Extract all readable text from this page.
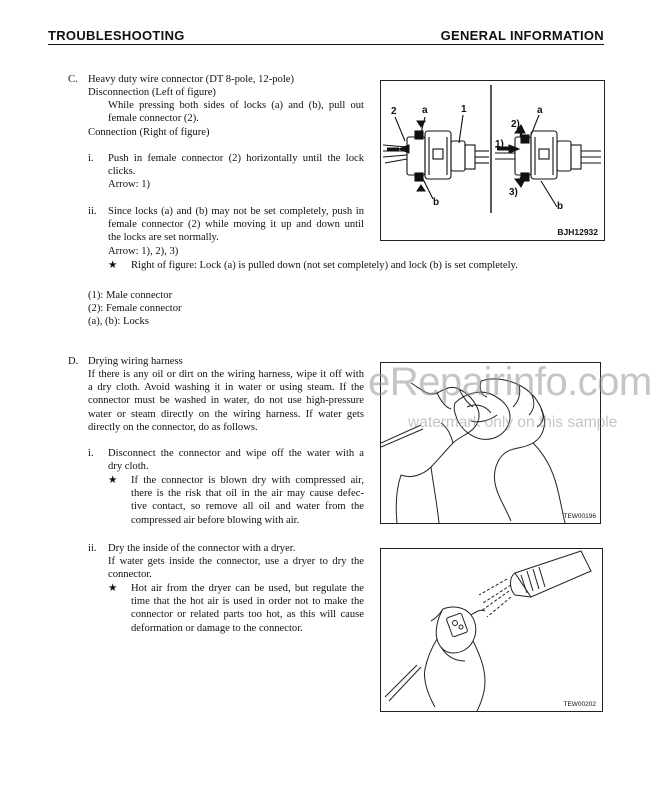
TROUBLESHOOTING	GENERAL INFORMATION
C. Heavy duty wire connector (DT 8-pole, 12-pole)
Disconnection (Left of figure)
While pressing both sides of locks (a) and (b), pull out
female connector (2).
Connection (Right of figure)
i. Push in female connector (2) horizontally until the lock
clicks.
Arrow: 1)
ii. Since locks (a) and (b) may not be set completely, push in
female connector (2) while moving it up and down until
the locks are set normally.
Arrow: 1), 2), 3)
★ Right of figure: Lock (a) is pulled down (not set completely) and lock (b) is set completely.
(1): Male connector
(2): Female connector
(a), (b): Locks
2	a	1
b
a
2)
1)
3)
b
BJH12932
D. Drying wiring harness
If there is any oil or dirt on the wiring harness, wipe it off with
a dry cloth. Avoid washing it in water or using steam. If the
connector must be washed in water, do not use high-pressure
water or steam directly on the wiring harness. If water gets
directly on the connector, do as follows.
i. Disconnect the connector and wipe off the water with a
dry cloth.
★ If the connector is blown dry with compressed air,
there is the risk that oil in the air may cause defec-
tive contact, so remove all oil and water from the
compressed air before blowing with air.
ii. Dry the inside of the connector with a dryer.
If water gets inside the connector, use a dryer to dry the
connector.
★ Hot air from the dryer can be used, but regulate the
time that the hot air is used in order not to make the
connector or related parts too hot, as this will cause
deformation or damage to the connector.
TEW00196
TEW00202
eRepairinfo.com
watermark only on this sample
